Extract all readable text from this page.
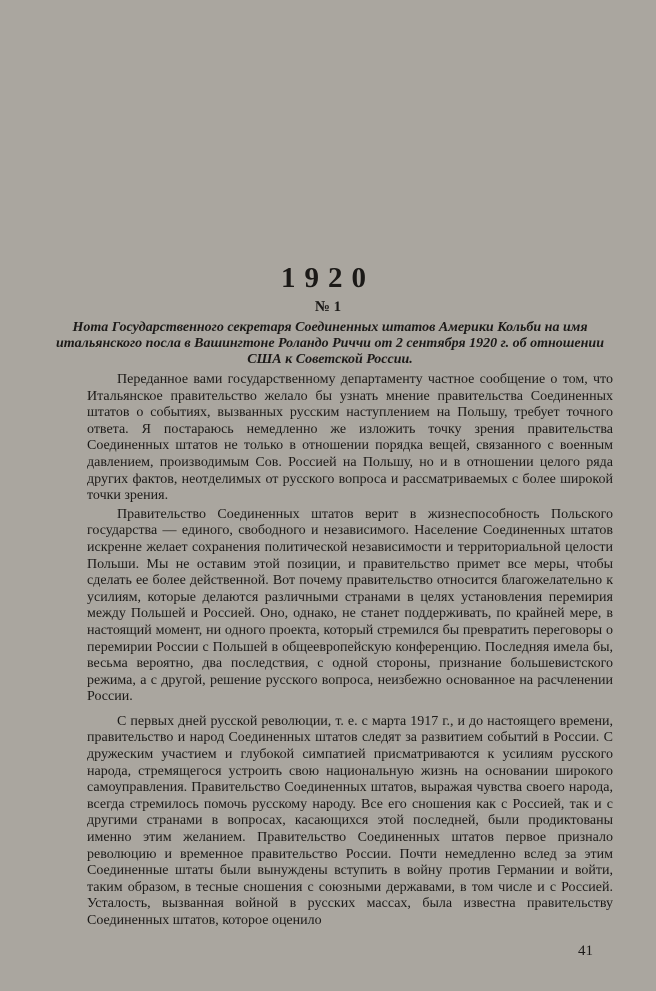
1920
№ 1
Нота Государственного секретаря Соединенных штатов Америки Кольби на имя итальянского посла в Вашингтоне Роландо Риччи от 2 сентября 1920 г. об отношении США к Советской России.

Переданное вами государственному департаменту частное сообщение о том, что Итальянское правительство желало бы узнать мнение правительства Соединенных штатов о событиях, вызванных русским наступлением на Польшу, требует точного ответа. Я постараюсь немедленно же изложить точку зрения правительства Соединенных штатов не только в отношении порядка вещей, связанного с военным давлением, производимым Сов. Россией на Польшу, но и в отношении целого ряда других фактов, неотделимых от русского вопроса и рассматриваемых с более широкой точки зрения.

Правительство Соединенных штатов верит в жизнеспособность Польского государства — единого, свободного и независимого. Население Соединенных штатов искренне желает сохранения политической независимости и территориальной целости Польши. Мы не оставим этой позиции, и правительство примет все меры, чтобы сделать ее более действенной. Вот почему правительство относится благожелательно к усилиям, которые делаются различными странами в целях установления перемирия между Польшей и Россией. Оно, однако, не станет поддерживать, по крайней мере, в настоящий момент, ни одного проекта, который стремился бы превратить переговоры о перемирии России с Польшей в общеевропейскую конференцию. Последняя имела бы, весьма вероятно, два последствия, с одной стороны, признание большевистского режима, а с другой, решение русского вопроса, неизбежно основанное на расчленении России.

С первых дней русской революции, т. е. с марта 1917 г., и до настоящего времени, правительство и народ Соединенных штатов следят за развитием событий в России. С дружеским участием и глубокой симпатией присматриваются к усилиям русского народа, стремящегося устроить свою национальную жизнь на основании широкого самоуправления. Правительство Соединенных штатов, выражая чувства своего народа, всегда стремилось помочь русскому народу. Все его сношения как с Россией, так и с другими странами в вопросах, касающихся этой последней, были продиктованы именно этим желанием. Правительство Соединенных штатов первое признало революцию и временное правительство России. Почти немедленно вслед за этим Соединенные штаты были вынуждены вступить в войну против Германии и войти, таким образом, в тесные сношения с союзными державами, в том числе и с Россией. Усталость, вызванная войной в русских массах, была известна правительству Соединенных штатов, которое оценило

41
